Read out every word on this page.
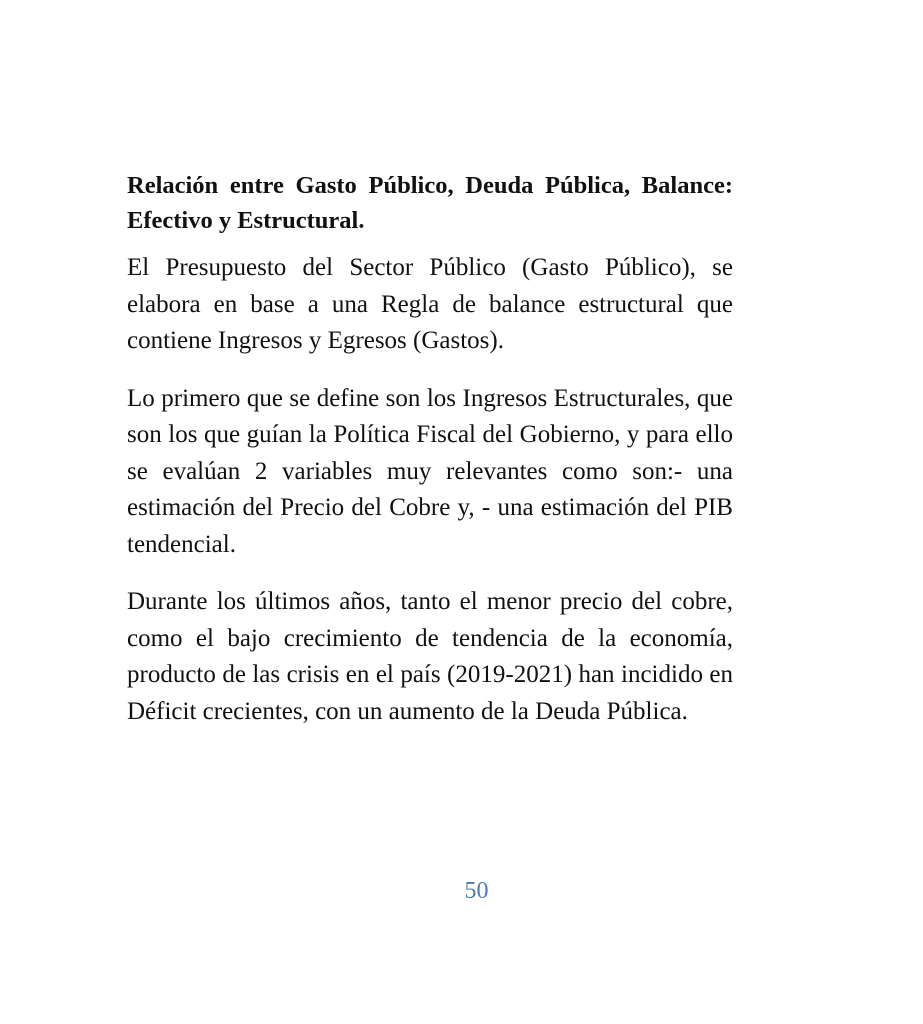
Relación entre Gasto Público, Deuda Pública, Balance: Efectivo y Estructural.

El Presupuesto del Sector Público (Gasto Público), se elabora en base a una Regla de balance estructural que contiene Ingresos y Egresos (Gastos).

Lo primero que se define son los Ingresos Estructurales, que son los que guían la Política Fiscal del Gobierno, y para ello se evalúan 2 variables muy relevantes como son:- una estimación del Precio del Cobre y, - una estimación del PIB tendencial.

Durante los últimos años, tanto el menor precio del cobre, como el bajo crecimiento de tendencia de la economía, producto de las crisis en el país (2019-2021) han incidido en Déficit crecientes, con un aumento de la Deuda Pública.

50
